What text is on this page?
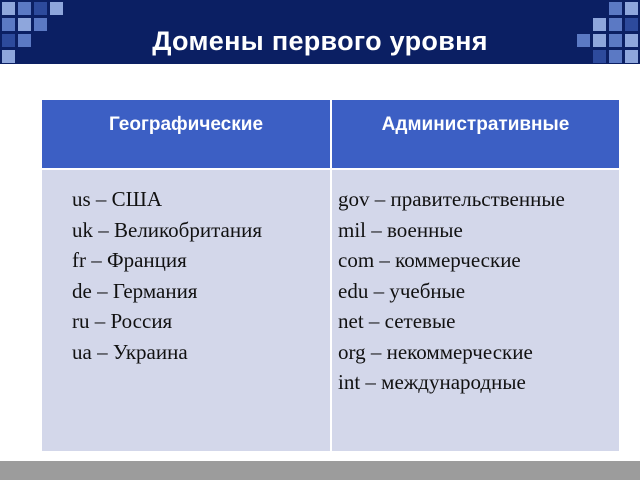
Домены первого уровня
Географические
us – США
uk – Великобритания
fr – Франция
de – Германия
ru – Россия
ua – Украина
Административные
gov – правительственные
mil – военные
com – коммерческие
edu – учебные
net – сетевые
org – некоммерческие
int – международные
